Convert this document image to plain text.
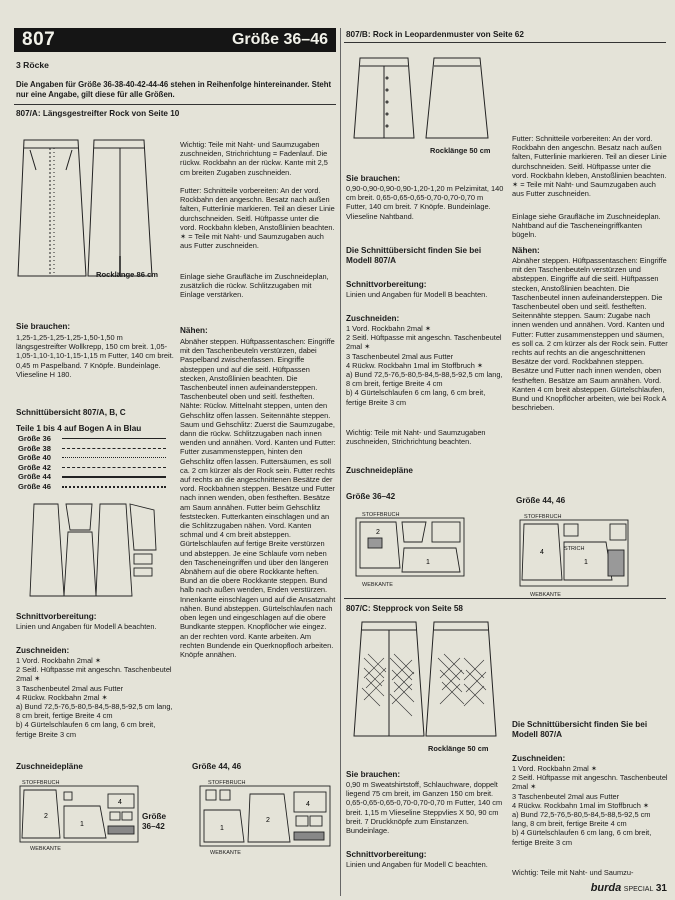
807	Größe 36–46
3 Röcke
Die Angaben für Größe 36-38-40-42-44-46 stehen in Reihenfolge hintereinander. Steht nur eine Angabe, gilt diese für alle Größen.
807/A: Längsgestreifter Rock von Seite 10
Rocklänge 86 cm
Sie brauchen:
1,25-1,25-1,25-1,25-1,50-1,50 m längsgestreifter Wollkrepp, 150 cm breit. 1,05-1,05-1,10-1,10-1,15-1,15 m Futter, 140 cm breit. 0,45 m Paspelband. 7 Knöpfe. Bundeinlage. Vlieseline H 180.
Schnittübersicht 807/A, B, C
Teile 1 bis 4 auf Bogen A in Blau
Größe 36
Größe 38
Größe 40
Größe 42
Größe 44
Größe 46
Schnittvorbereitung:
Linien und Angaben für Modell A beachten.
Zuschneiden:
1 Vord. Rockbahn 2mal ✶
2 Seitl. Hüftpasse mit angeschn. Taschenbeutel 2mal ✶
3 Taschenbeutel 2mal aus Futter
4 Rückw. Rockbahn 2mal ✶
a) Bund 72,5-76,5-80,5-84,5-88,5-92,5 cm lang, 8 cm breit, fertige Breite 4 cm
b) 4 Gürtelschlaufen 6 cm lang, 6 cm breit, fertige Breite 3 cm
Zuschneidepläne	Größe 44, 46
STOFFBRUCH
2
1
4
WEBKANTE
Größe 36–42
STOFFBRUCH
1
2
4
WEBKANTE
Wichtig: Teile mit Naht- und Saumzugaben zuschneiden, Strichrichtung = Fadenlauf. Die rückw. Rockbahn an der rückw. Kante mit 2,5 cm breiten Zugaben zuschneiden.
Futter: Schnitteile vorbereiten: An der vord. Rockbahn den angeschn. Besatz nach außen falten, Futterlinie markieren. Teil an dieser Linie durchschneiden. Seitl. Hüftpasse unter die vord. Rockbahn kleben, Anstoßlinien beachten. ✶ = Teile mit Naht- und Saumzugaben auch aus Futter zuschneiden.
Einlage siehe Graufläche im Zuschneideplan, zusätzlich die rückw. Schlitzzugaben mit Einlage verstärken.
Nähen:
Abnäher steppen. Hüftpassentaschen: Eingriffe mit den Taschenbeuteln verstürzen, dabei Paspelband zwischenfassen. Eingriffe absteppen und auf die seitl. Hüftpassen stecken, Anstoßlinien beachten. Die Taschenbeutel innen aufeinandersteppen. Taschenbeutel oben und seitl. festheften. Nähte: Rückw. Mittelnaht steppen, unten den Gehschlitz offen lassen. Seitennähte steppen. Saum und Gehschlitz: Zuerst die Saumzugabe, dann die rückw. Schlitzzugaben nach innen wenden und annähen. Vord. Kanten und Futter: Futter zusammensteppen, hinten den Gehschlitz offen lassen. Futtersäumen, es soll ca. 2 cm kürzer als der Rock sein. Futter rechts auf rechts an die angeschnittenen Besätze der vord. Rockbahnen steppen. Besätze und Futter nach innen wenden, oben festheften. Besätze am Saum annähen. Futter beim Gehschlitz feststecken. Futterkanten einschlagen und an die Schlitzzugaben nähen. Vord. Kanten schmal und 4 cm breit absteppen. Gürtelschlaufen auf fertige Breite verstürzen und absteppen. Je eine Schlaufe vorn neben den Tascheneingriffen und über den längeren Abnähern auf die obere Rockkante heften. Bund an die obere Rockkante steppen. Bund halb nach außen wenden, Enden verstürzen. Innenkante einschlagen und auf die Ansatznaht nähen. Bund absteppen. Gürtelschlaufen nach oben legen und eingeschlagen auf die obere Bundkante steppen. Knopflöcher wie eingez. an der rechten vord. Kante arbeiten. Am rechten Bundende ein Querknopfloch arbeiten. Knöpfe annähen.
807/B: Rock in Leopardenmuster von Seite 62
Rocklänge 50 cm
Sie brauchen:
0,90-0,90-0,90-0,90-1,20-1,20 m Pelzimitat, 140 cm breit. 0,65-0,65-0,65-0,70-0,70-0,70 m Futter, 140 cm breit. 7 Knöpfe. Bundeinlage. Vlieseline Nahtband.
Die Schnittübersicht finden Sie bei Modell 807/A
Schnittvorbereitung:
Linien und Angaben für Modell B beachten.
Zuschneiden:
1 Vord. Rockbahn 2mal ✶
2 Seitl. Hüftpasse mit angeschn. Taschenbeutel 2mal ✶
3 Taschenbeutel 2mal aus Futter
4 Rückw. Rockbahn 1mal im Stoffbruch ✶
a) Bund 72,5-76,5-80,5-84,5-88,5-92,5 cm lang, 8 cm breit, fertige Breite 4 cm
b) 4 Gürtelschlaufen 6 cm lang, 6 cm breit, fertige Breite 3 cm
Wichtig: Teile mit Naht- und Saumzugaben zuschneiden, Strichrichtung beachten.
Zuschneidepläne
Größe 36–42	Größe 44, 46
STOFFBRUCH
2
1
WEBKANTE
STOFFBRUCH
4
1
STRICH
WEBKANTE
Futter: Schnitteile vorbereiten: An der vord. Rockbahn den angeschn. Besatz nach außen falten, Futterlinie markieren. Teil an dieser Linie durchschneiden. Seitl. Hüftpasse unter die vord. Rockbahn kleben, Anstoßlinien beachten. ✶ = Teile mit Naht- und Saumzugaben auch aus Futter zuschneiden.
Einlage siehe Graufläche im Zuschneideplan. Nahtband auf die Tascheneingriffkanten bügeln.
Nähen:
Abnäher steppen. Hüftpassentaschen: Eingriffe mit den Taschenbeuteln verstürzen und absteppen. Eingriffe auf die seitl. Hüftpassen stecken, Anstoßlinien beachten. Die Taschenbeutel innen aufeinandersteppen. Die Taschenbeutel oben und seitl. festheften. Seitennähte steppen. Saum: Zugabe nach innen wenden und annähen. Vord. Kanten und Futter: Futter zusammensteppen und säumen, es soll ca. 2 cm kürzer als der Rock sein. Futter rechts auf rechts an die angeschnittenen Besätze der vord. Rockbahnen steppen. Besätze und Futter nach innen wenden, oben festheften. Besätze am Saum annähen. Vord. Kanten 4 cm breit absteppen. Gürtelschlaufen, Bund und Knopflöcher arbeiten, wie bei Rock A beschrieben.
807/C: Stepprock von Seite 58
Rocklänge 50 cm
Die Schnittübersicht finden Sie bei Modell 807/A
Sie brauchen:
0,90 m Sweatshirtstoff, Schlauchware, doppelt liegend 75 cm breit, im Ganzen 150 cm breit. 0,65-0,65-0,65-0,70-0,70-0,70 m Futter, 140 cm breit. 1,15 m Vlieseline Steppvlies X 50, 90 cm breit. 7 Druckknöpfe zum Einstanzen. Bundeinlage.
Schnittvorbereitung:
Linien und Angaben für Modell C beachten.
Zuschneiden:
1 Vord. Rockbahn 2mal ✶
2 Seitl. Hüftpasse mit angeschn. Taschenbeutel 2mal ✶
3 Taschenbeutel 2mal aus Futter
4 Rückw. Rockbahn 1mal im Stoffbruch ✶
a) Bund 72,5-76,5-80,5-84,5-88,5-92,5 cm lang, 8 cm breit, fertige Breite 4 cm
b) 4 Gürtelschlaufen 6 cm lang, 6 cm breit, fertige Breite 3 cm
Wichtig: Teile mit Naht- und Saumzu-
burda SPECIAL 31
